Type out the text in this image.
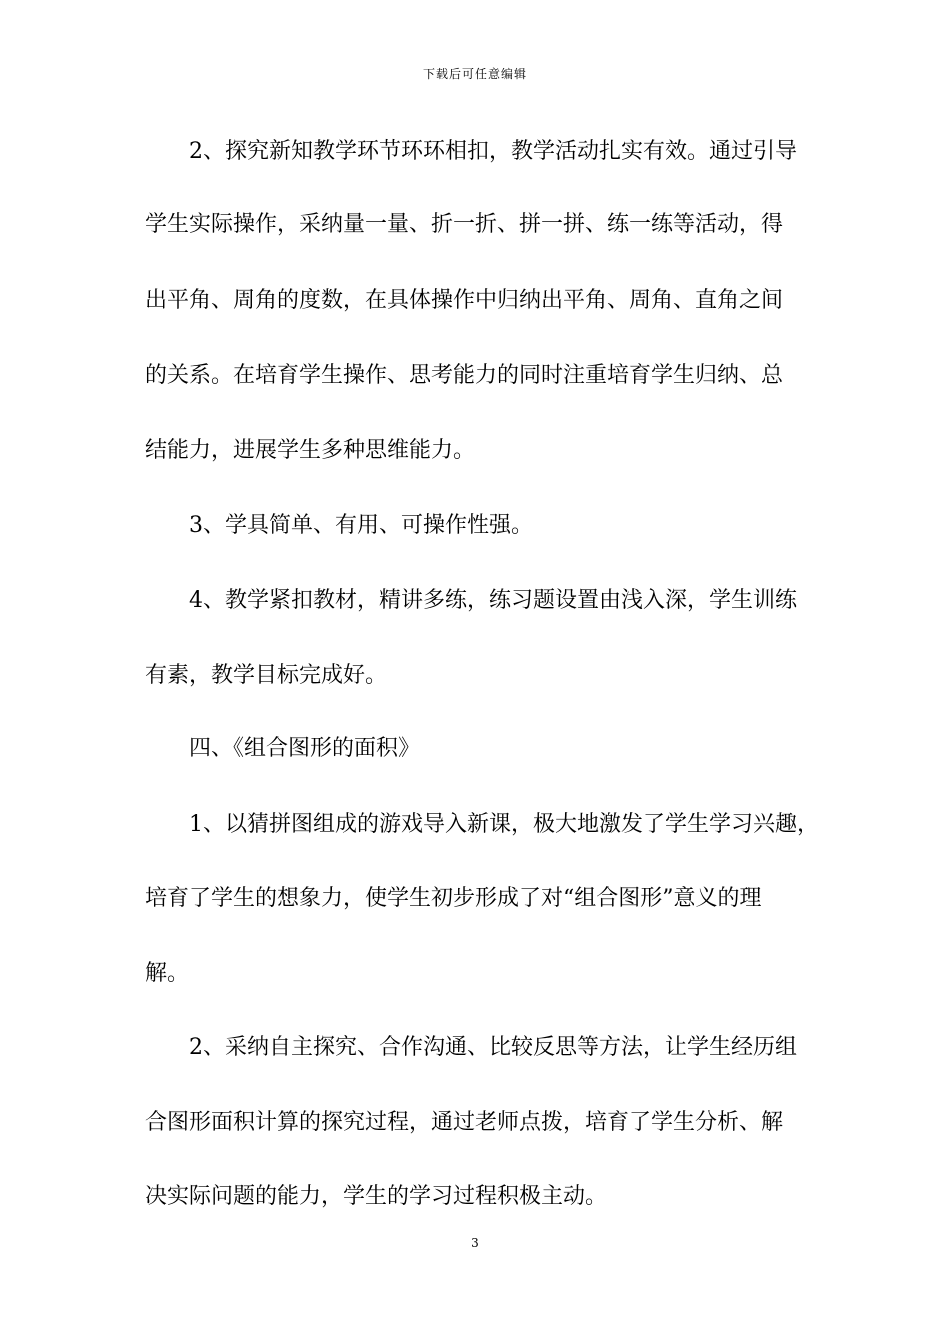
下载后可任意编辑
　　2、探究新知教学环节环环相扣，教学活动扎实有效。通过引导
学生实际操作，采纳量一量、折一折、拼一拼、练一练等活动，得
出平角、周角的度数，在具体操作中归纳出平角、周角、直角之间
的关系。在培育学生操作、思考能力的同时注重培育学生归纳、总
结能力，进展学生多种思维能力。
　　3、学具简单、有用、可操作性强。
　　4、教学紧扣教材，精讲多练，练习题设置由浅入深，学生训练
有素，教学目标完成好。
　　四、《组合图形的面积》
　　1、以猜拼图组成的游戏导入新课，极大地激发了学生学习兴趣，
培育了学生的想象力，使学生初步形成了对“组合图形”意义的理
解。
　　2、采纳自主探究、合作沟通、比较反思等方法，让学生经历组
合图形面积计算的探究过程，通过老师点拨，培育了学生分析、解
决实际问题的能力，学生的学习过程积极主动。
3
